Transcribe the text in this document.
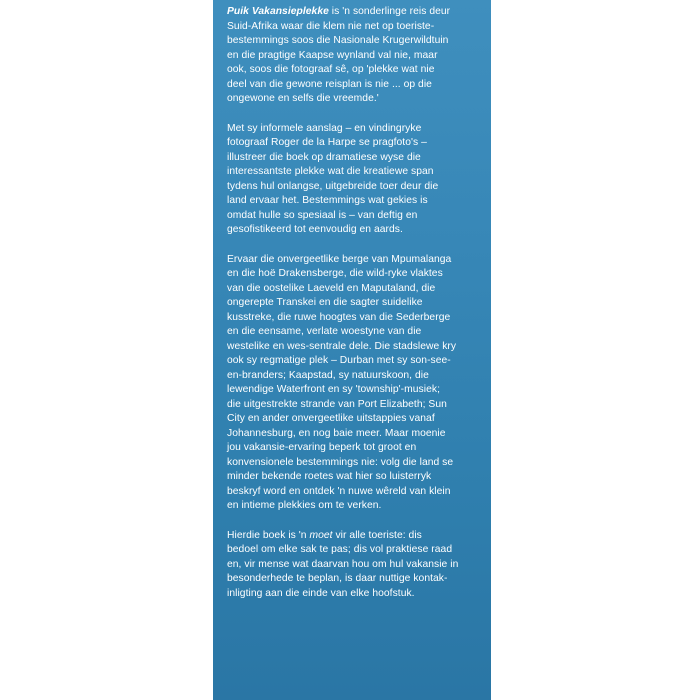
Puik Vakansieplekke is 'n sonderlinge reis deur
Suid-Afrika waar die klem nie net op toeriste-
bestemmings soos die Nasionale Krugerwildtuin
en die pragtige Kaapse wynland val nie, maar
ook, soos die fotograaf sê, op 'plekke wat nie
deel van die gewone reisplan is nie ... op die
ongewone en selfs die vreemde.'

Met sy informele aanslag – en vindingryke
fotograaf Roger de la Harpe se pragfoto's –
illustreer die boek op dramatiese wyse die
interessantste plekke wat die kreatiewe span
tydens hul onlangse, uitgebreide toer deur die
land ervaar het. Bestemmings wat gekies is
omdat hulle so spesiaal is – van deftig en
gesofistikeerd tot eenvoudig en aards.

Ervaar die onvergeetlike berge van Mpumalanga
en die hoë Drakensberge, die wild-ryke vlaktes
van die oostelike Laeveld en Maputaland, die
ongerepte Transkei en die sagter suidelike
kusstreke, die ruwe hoogtes van die Sederberge
en die eensame, verlate woestyne van die
westelike en wes-sentrale dele. Die stadslewe kry
ook sy regmatige plek – Durban met sy son-see-
en-branders; Kaapstad, sy natuurskoon, die
lewendige Waterfront en sy 'township'-musiek;
die uitgestrekte strande van Port Elizabeth; Sun
City en ander onvergeetlike uitstappies vanaf
Johannesburg, en nog baie meer. Maar moenie
jou vakansie-ervaring beperk tot groot en
konvensionele bestemmings nie: volg die land se
minder bekende roetes wat hier so luisterryk
beskryf word en ontdek 'n nuwe wêreld van klein
en intieme plekkies om te verken.

Hierdie boek is 'n moet vir alle toeriste: dis
bedoel om elke sak te pas; dis vol praktiese raad
en, vir mense wat daarvan hou om hul vakansie in
besonderhede te beplan, is daar nuttige kontak-
inligting aan die einde van elke hoofstuk.
